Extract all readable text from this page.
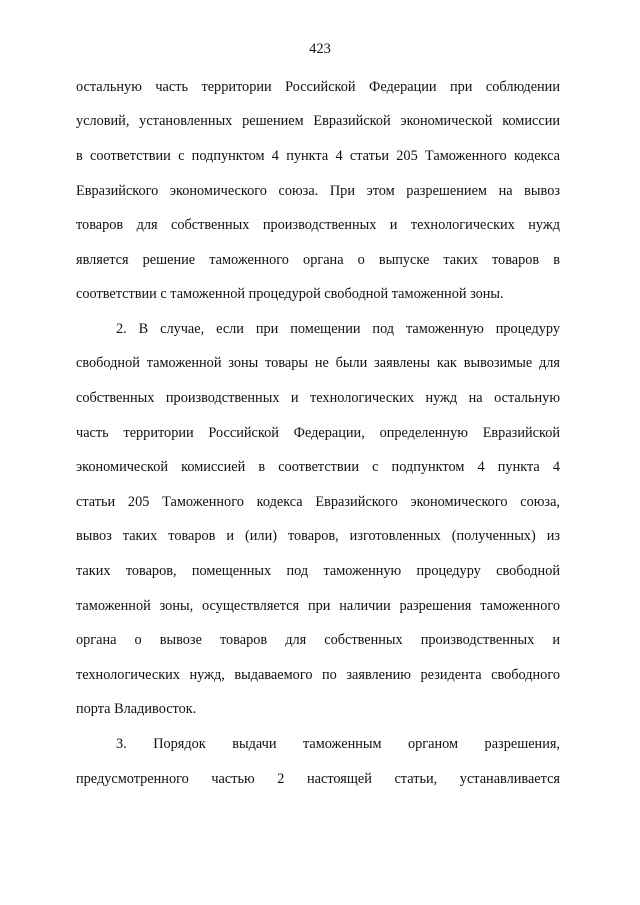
423
остальную часть территории Российской Федерации при соблюдении
условий, установленных решением Евразийской экономической комиссии
в соответствии с подпунктом 4 пункта 4 статьи 205 Таможенного кодекса
Евразийского экономического союза. При этом разрешением на вывоз
товаров для собственных производственных и технологических нужд
является решение таможенного органа о выпуске таких товаров в
соответствии с таможенной процедурой свободной таможенной зоны.
2. В случае, если при помещении под таможенную процедуру
свободной таможенной зоны товары не были заявлены как вывозимые для
собственных производственных и технологических нужд на остальную
часть территории Российской Федерации, определенную Евразийской
экономической комиссией в соответствии с подпунктом 4 пункта 4
статьи 205 Таможенного кодекса Евразийского экономического союза,
вывоз таких товаров и (или) товаров, изготовленных (полученных) из
таких товаров, помещенных под таможенную процедуру свободной
таможенной зоны, осуществляется при наличии разрешения таможенного
органа о вывозе товаров для собственных производственных и
технологических нужд, выдаваемого по заявлению резидента свободного
порта Владивосток.
3. Порядок выдачи таможенным органом разрешения,
предусмотренного частью 2 настоящей статьи, устанавливается
